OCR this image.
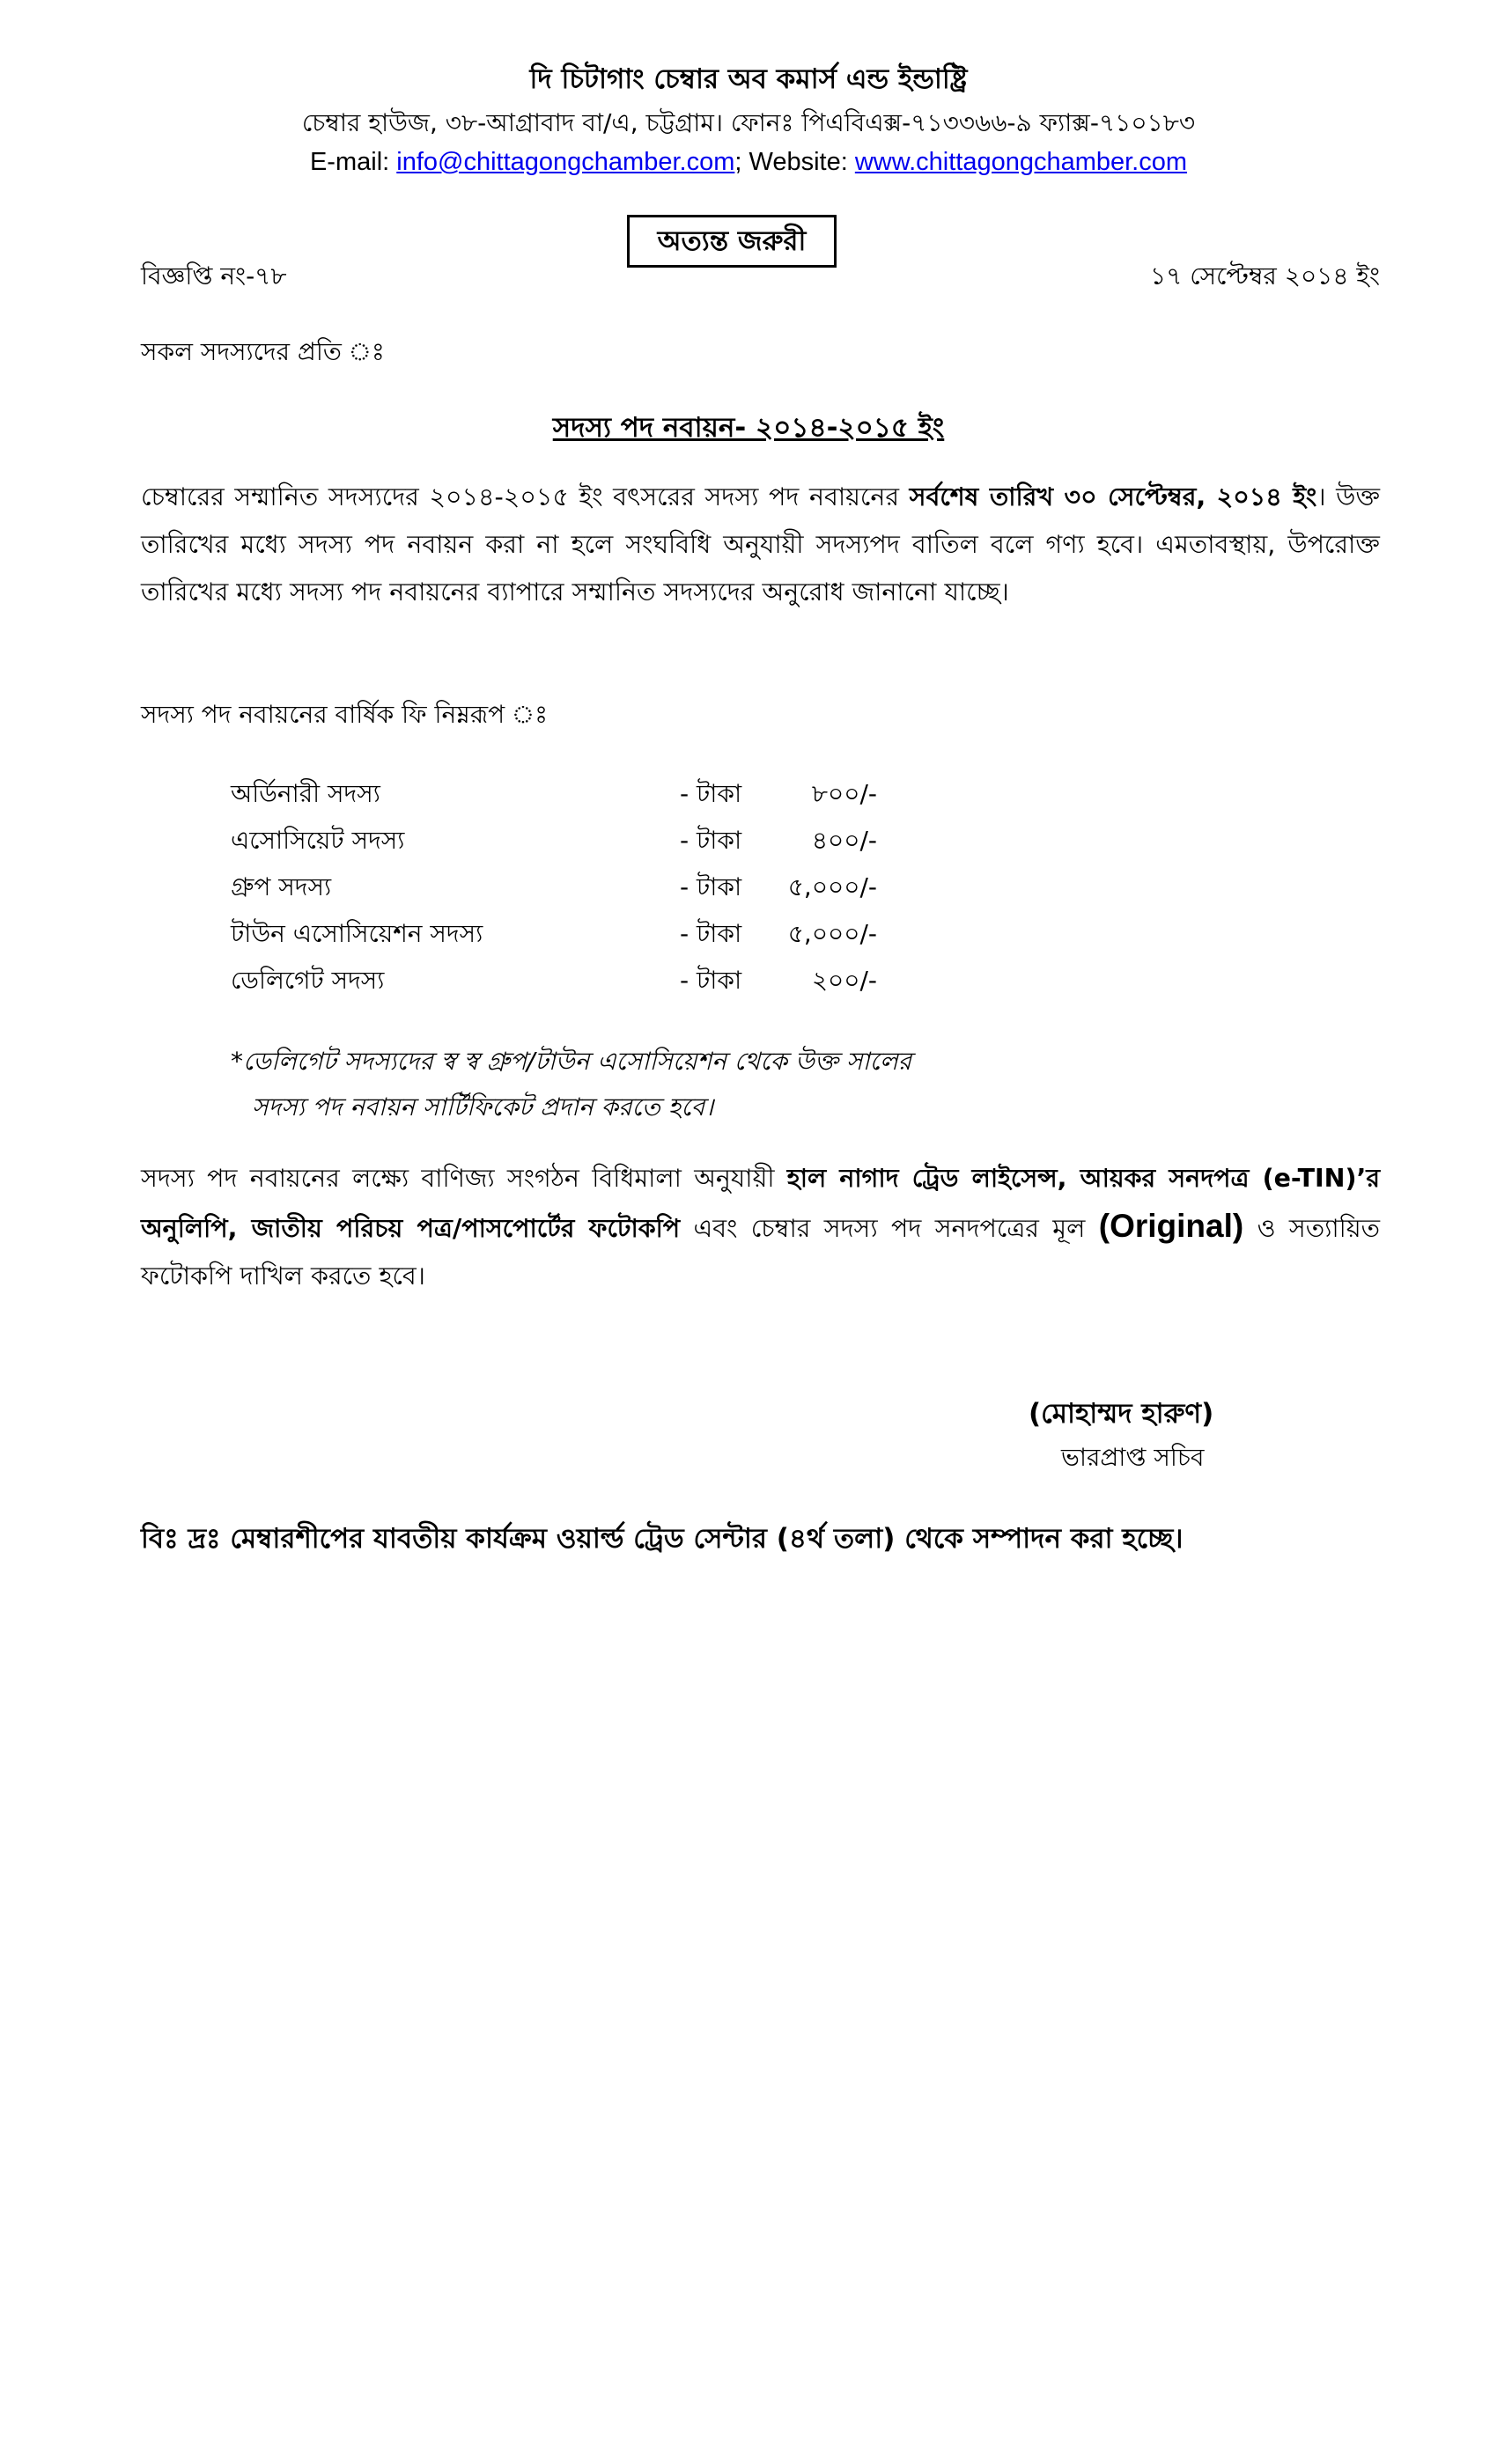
দি চিটাগাং চেম্বার অব কমার্স এন্ড ইন্ডাষ্ট্রি
চেম্বার হাউজ, ৩৮-আগ্রাবাদ বা/এ, চট্টগ্রাম। ফোনঃ পিএবিএক্স-৭১৩৩৬৬-৯ ফ্যাক্স-৭১০১৮৩
E-mail: info@chittagongchamber.com; Website: www.chittagongchamber.com
অত্যন্ত জরুরী
বিজ্ঞপ্তি নং-৭৮	১৭ সেপ্টেম্বর ২০১৪ ইং
সকল সদস্যদের প্রতি ঃ
সদস্য পদ নবায়ন- ২০১৪-২০১৫ ইং
চেম্বারের সম্মানিত সদস্যদের ২০১৪-২০১৫ ইং বৎসরের সদস্য পদ নবায়নের সর্বশেষ তারিখ ৩০ সেপ্টেম্বর, ২০১৪ ইং। উক্ত তারিখের মধ্যে সদস্য পদ নবায়ন করা না হলে সংঘবিধি অনুযায়ী সদস্যপদ বাতিল বলে গণ্য হবে। এমতাবস্থায়, উপরোক্ত তারিখের মধ্যে সদস্য পদ নবায়নের ব্যাপারে সম্মানিত সদস্যদের অনুরোধ জানানো যাচ্ছে।
সদস্য পদ নবায়নের বার্ষিক ফি নিম্নরূপ ঃ
অর্ডিনারী সদস্য	- টাকা	৮০০/-
এসোসিয়েট সদস্য	- টাকা	৪০০/-
গ্রুপ সদস্য	- টাকা	৫,০০০/-
টাউন এসোসিয়েশন সদস্য	- টাকা	৫,০০০/-
ডেলিগেট সদস্য	- টাকা	২০০/-
*ডেলিগেট সদস্যদের স্ব স্ব গ্রুপ/টাউন এসোসিয়েশন থেকে উক্ত সালের
সদস্য পদ নবায়ন সার্টিফিকেট প্রদান করতে হবে।
সদস্য পদ নবায়নের লক্ষ্যে বাণিজ্য সংগঠন বিধিমালা অনুযায়ী হাল নাগাদ ট্রেড লাইসেন্স, আয়কর সনদপত্র (e-TIN)’র অনুলিপি, জাতীয় পরিচয় পত্র/পাসপোর্টের ফটোকপি এবং চেম্বার সদস্য পদ সনদপত্রের মূল (Original) ও সত্যায়িত ফটোকপি দাখিল করতে হবে।
(মোহাম্মদ হারুণ)
ভারপ্রাপ্ত সচিব
বিঃ দ্রঃ মেম্বারশীপের যাবতীয় কার্যক্রম ওয়ার্ল্ড ট্রেড সেন্টার (৪র্থ তলা) থেকে সম্পাদন করা হচ্ছে।
